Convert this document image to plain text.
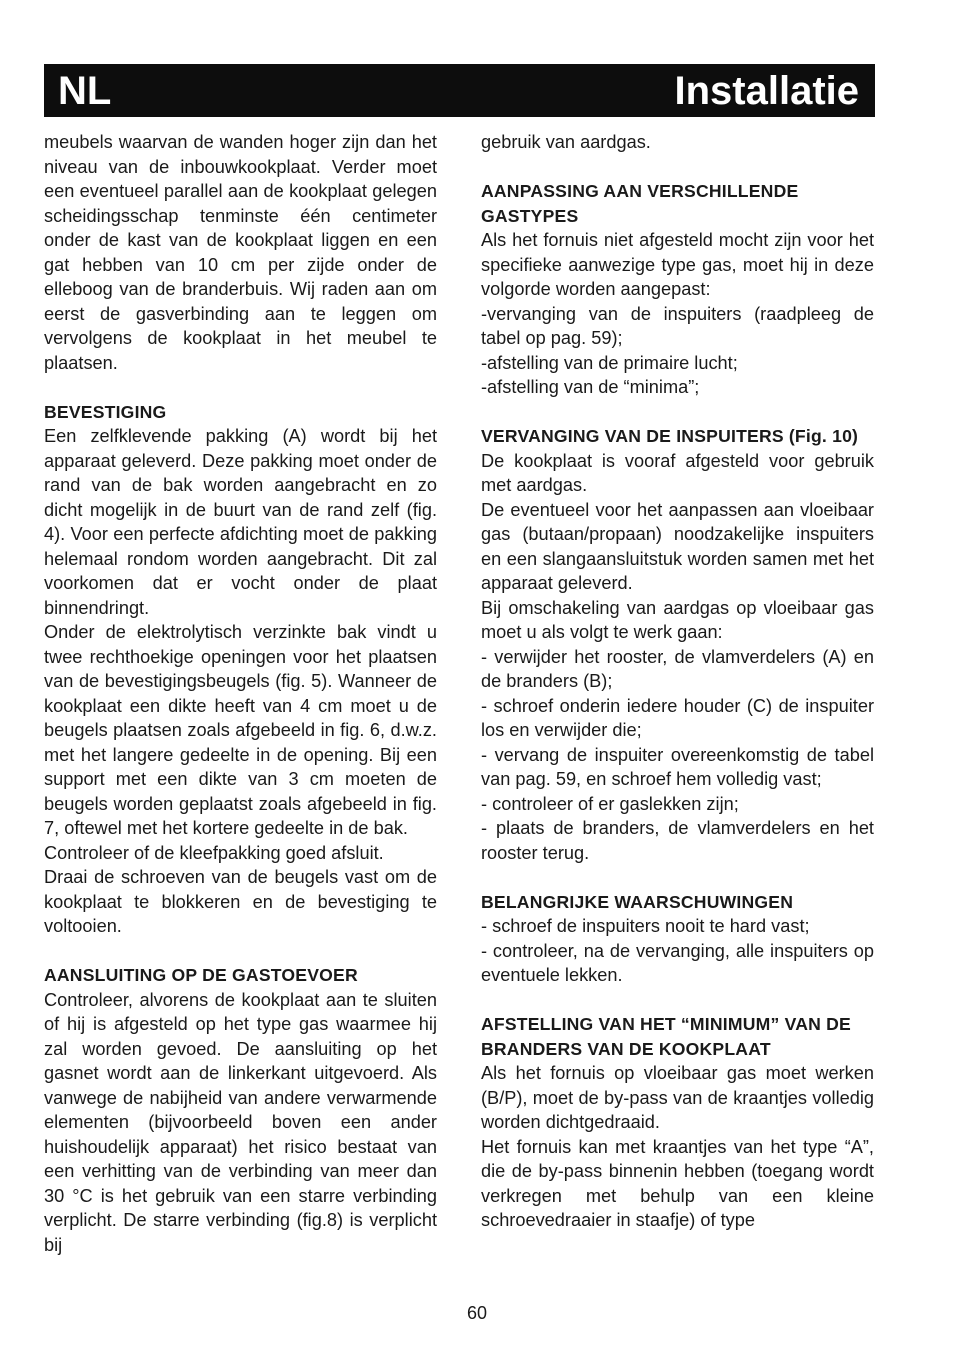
NL	Installatie

meubels waarvan de wanden hoger zijn dan het niveau van de inbouwkookplaat. Verder moet een eventueel parallel aan de kookplaat gelegen scheidingsschap tenminste één centimeter onder de kast van de kookplaat liggen en een gat hebben van 10 cm per zijde onder de elleboog van de branderbuis. Wij raden aan om eerst de gasverbinding aan te leggen om vervolgens de kookplaat in het meubel te plaatsen.

BEVESTIGING

Een zelfklevende pakking (A) wordt bij het apparaat geleverd. Deze pakking moet onder de rand van de bak worden aangebracht en zo dicht mogelijk in de buurt van de rand zelf (fig. 4). Voor een perfecte afdichting moet de pakking helemaal rondom worden aangebracht. Dit zal voorkomen dat er vocht onder de plaat binnendringt.

Onder de elektrolytisch verzinkte bak vindt u twee rechthoekige openingen voor het plaatsen van de bevestigingsbeugels (fig. 5). Wanneer de kookplaat een dikte heeft van 4 cm moet u de beugels plaatsen zoals afgebeeld in fig. 6, d.w.z. met het langere gedeelte in de opening. Bij een support met een dikte van 3 cm moeten de beugels worden geplaatst zoals afgebeeld in fig. 7, oftewel met het kortere gedeelte in de bak.

Controleer of de kleefpakking goed afsluit.

Draai de schroeven van de beugels vast om de kookplaat te blokkeren en de bevestiging te voltooien.

AANSLUITING OP DE GASTOEVOER

Controleer, alvorens de kookplaat aan te sluiten of hij is afgesteld op het type gas waarmee hij zal worden gevoed. De aansluiting op het gasnet wordt aan de linkerkant uitgevoerd. Als vanwege de nabijheid van andere verwarmende elementen (bijvoorbeeld boven een ander huishoudelijk apparaat) het risico bestaat van een verhitting van de verbinding van meer dan 30 °C is het gebruik van een starre verbinding verplicht. De starre verbinding (fig.8) is verplicht bij

gebruik van aardgas.

AANPASSING AAN VERSCHILLENDE GASTYPES

Als het fornuis niet afgesteld mocht zijn voor het specifieke aanwezige type gas, moet hij in deze volgorde worden aangepast:

-vervanging van de inspuiters (raadpleeg de tabel op pag. 59);

-afstelling van de primaire lucht;

-afstelling van de “minima”;

VERVANGING VAN DE INSPUITERS (Fig. 10)

De kookplaat is vooraf afgesteld voor gebruik met aardgas.

De eventueel voor het aanpassen aan vloeibaar gas (butaan/propaan) noodzakelijke inspuiters en een slangaansluitstuk worden samen met het apparaat geleverd.

Bij omschakeling van aardgas op vloeibaar gas moet u als volgt te werk gaan:

- verwijder het rooster, de vlamverdelers (A) en de branders (B);

- schroef onderin iedere houder (C) de inspuiter los en verwijder die;

- vervang de inspuiter overeenkomstig de tabel van pag. 59, en schroef hem volledig vast;

- controleer of er gaslekken zijn;

- plaats de branders, de vlamverdelers en het rooster terug.

BELANGRIJKE WAARSCHUWINGEN

- schroef de inspuiters nooit te hard vast;

- controleer, na de vervanging, alle inspuiters op eventuele lekken.

AFSTELLING VAN HET “MINIMUM” VAN DE BRANDERS VAN DE KOOKPLAAT

Als het fornuis op vloeibaar gas moet werken (B/P), moet de by-pass van de kraantjes volledig worden dichtgedraaid.

Het fornuis kan met kraantjes van het type “A”, die de by-pass binnenin hebben (toegang wordt verkregen met behulp van een kleine schroevedraaier in staafje) of type

60
